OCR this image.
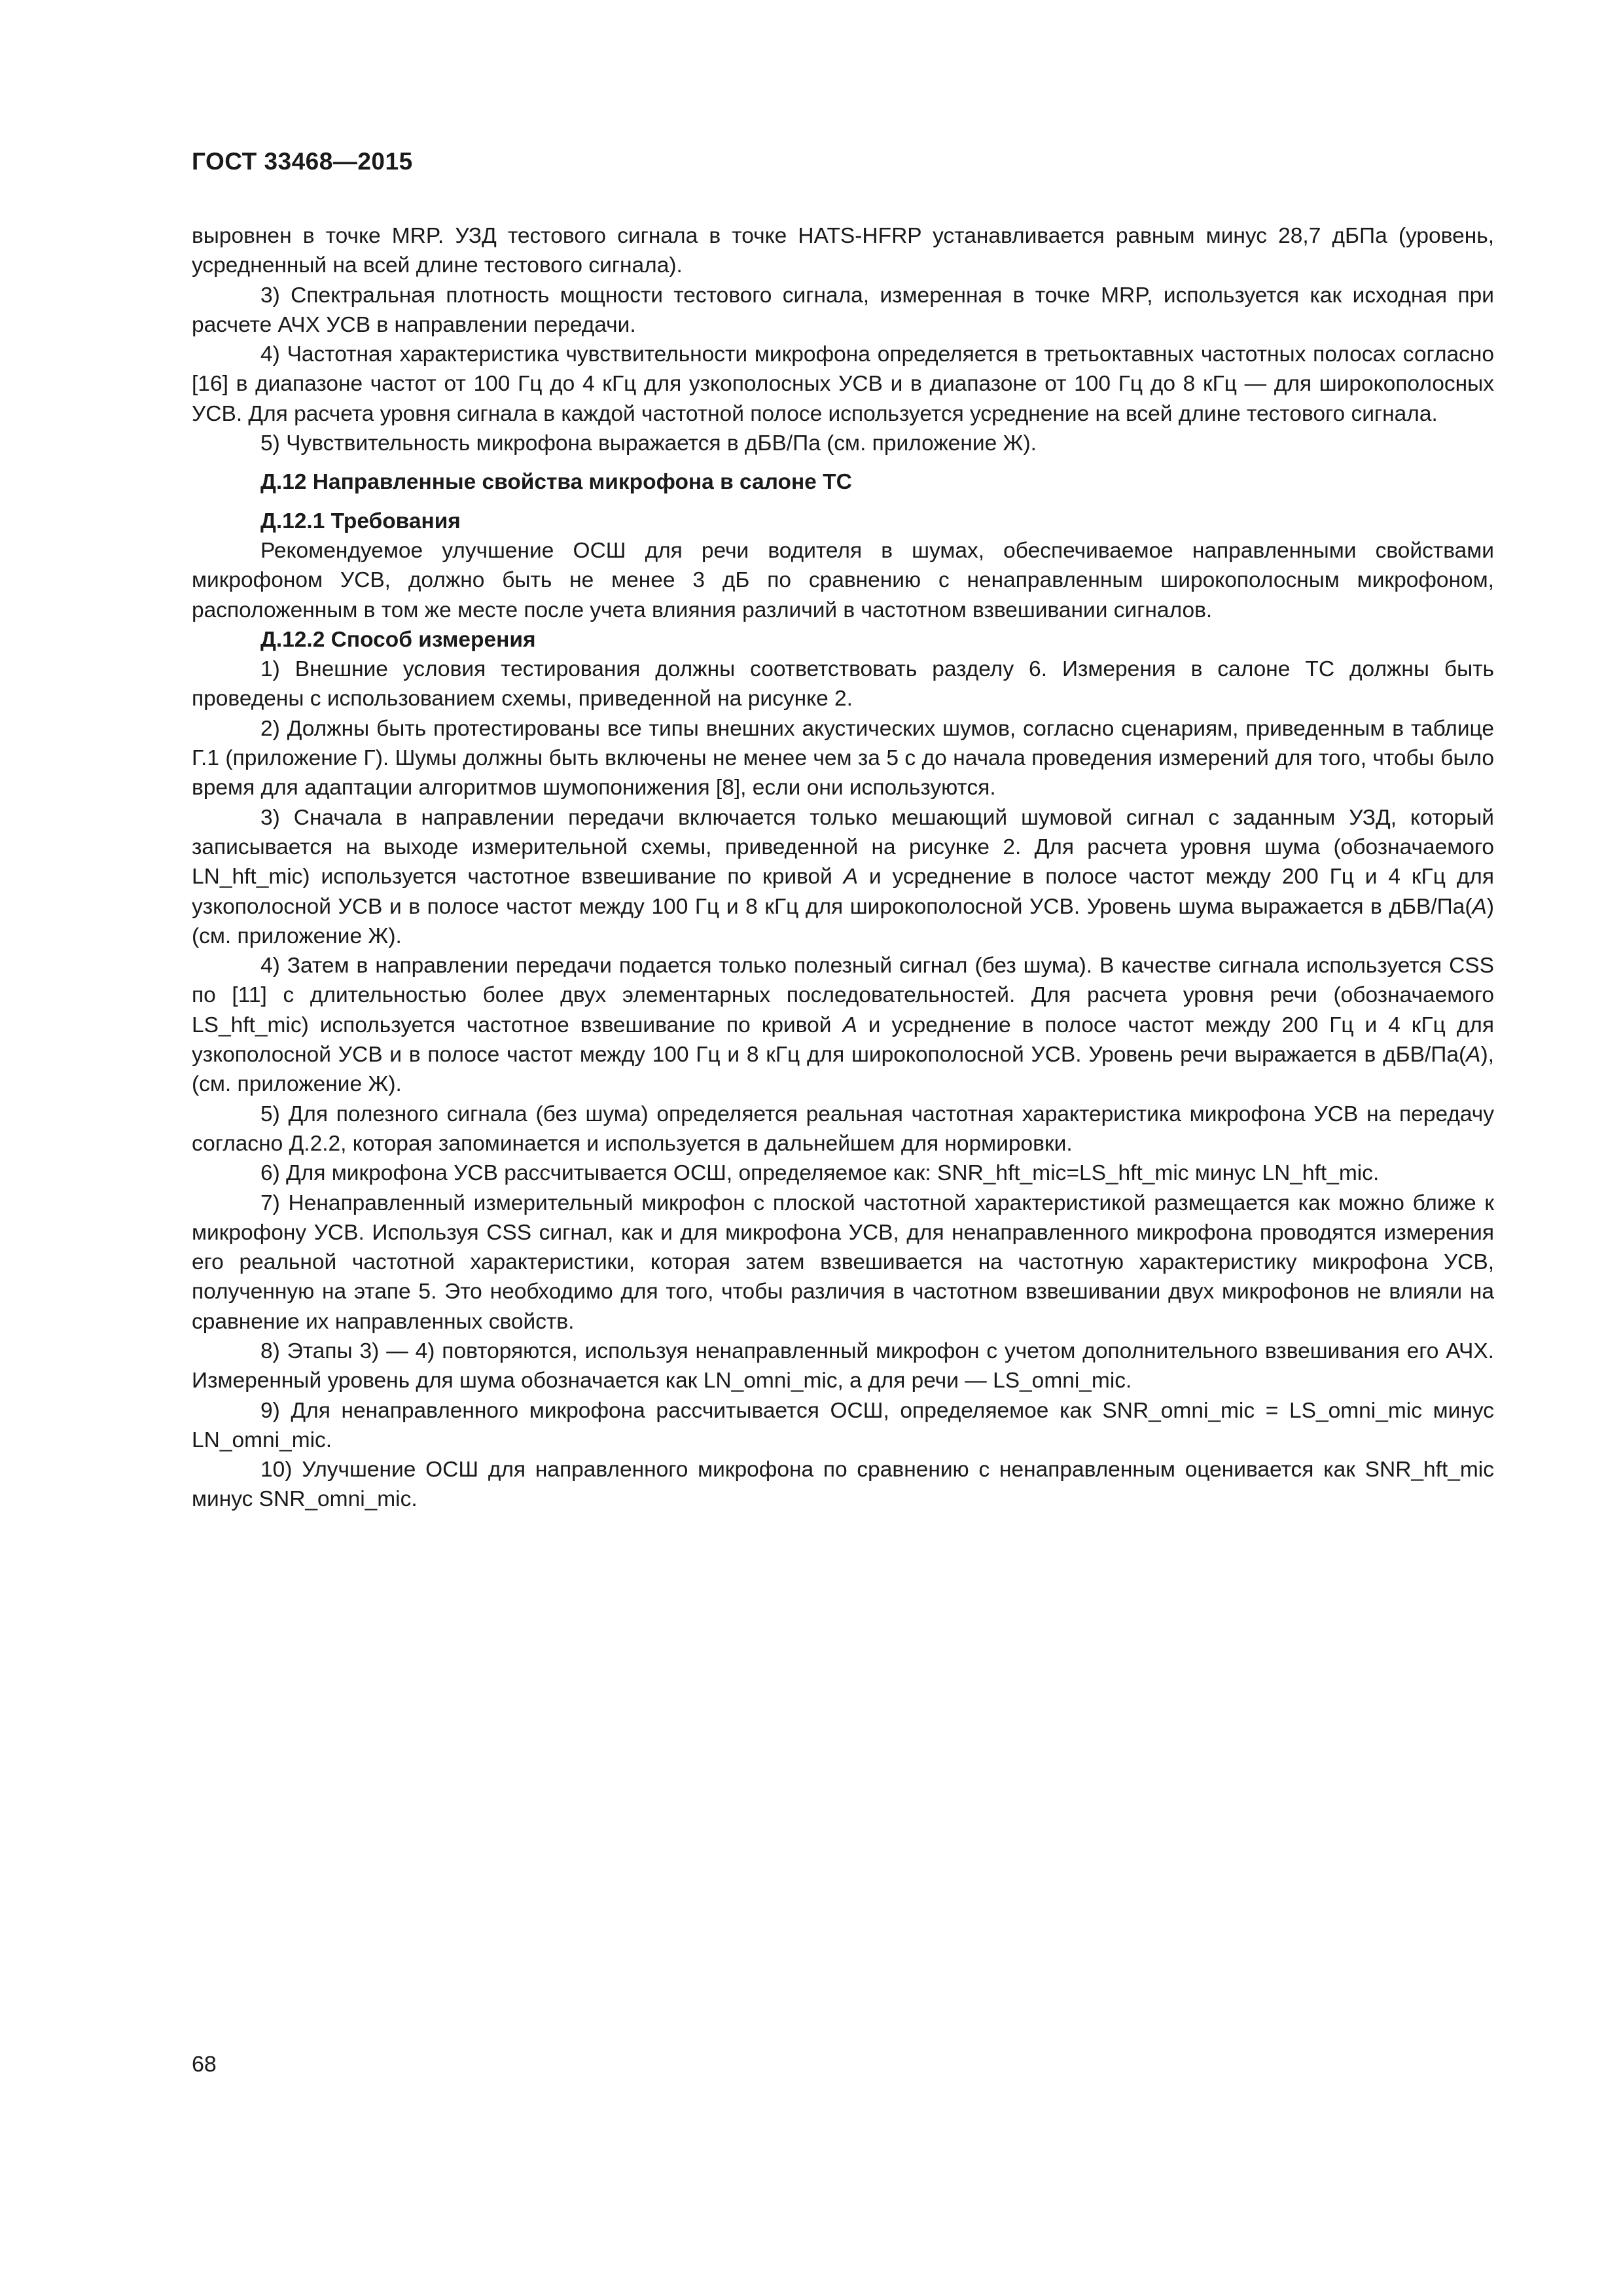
ГОСТ 33468—2015

выровнен в точке MRP. УЗД тестового сигнала в точке HATS-HFRP устанавливается равным минус 28,7 дБПа (уровень, усредненный на всей длине тестового сигнала).

3) Спектральная плотность мощности тестового сигнала, измеренная в точке MRP, используется как исходная при расчете АЧХ УСВ в направлении передачи.

4) Частотная характеристика чувствительности микрофона определяется в третьоктавных частотных полосах согласно [16] в диапазоне частот от 100 Гц до 4 кГц для узкополосных УСВ и в диапазоне от 100 Гц до 8 кГц — для широкополосных УСВ. Для расчета уровня сигнала в каждой частотной полосе используется усреднение на всей длине тестового сигнала.

5) Чувствительность микрофона выражается в дБВ/Па (см. приложение Ж).

Д.12 Направленные свойства микрофона в салоне ТС

Д.12.1 Требования

Рекомендуемое улучшение ОСШ для речи водителя в шумах, обеспечиваемое направленными свойствами микрофоном УСВ, должно быть не менее 3 дБ по сравнению с ненаправленным широкополосным микрофоном, расположенным в том же месте после учета влияния различий в частотном взвешивании сигналов.

Д.12.2 Способ измерения

1) Внешние условия тестирования должны соответствовать разделу 6. Измерения в салоне ТС должны быть проведены с использованием схемы, приведенной на рисунке 2.

2) Должны быть протестированы все типы внешних акустических шумов, согласно сценариям, приведенным в таблице Г.1 (приложение Г). Шумы должны быть включены не менее чем за 5 с до начала проведения измерений для того, чтобы было время для адаптации алгоритмов шумопонижения [8], если они используются.

3) Сначала в направлении передачи включается только мешающий шумовой сигнал с заданным УЗД, который записывается на выходе измерительной схемы, приведенной на рисунке 2. Для расчета уровня шума (обозначаемого LN_hft_mic) используется частотное взвешивание по кривой A и усреднение в полосе частот между 200 Гц и 4 кГц для узкополосной УСВ и в полосе частот между 100 Гц и 8 кГц для широкополосной УСВ. Уровень шума выражается в дБВ/Па(A) (см. приложение Ж).

4) Затем в направлении передачи подается только полезный сигнал (без шума). В качестве сигнала используется CSS по [11] с длительностью более двух элементарных последовательностей. Для расчета уровня речи (обозначаемого LS_hft_mic) используется частотное взвешивание по кривой A и усреднение в полосе частот между 200 Гц и 4 кГц для узкополосной УСВ и в полосе частот между 100 Гц и 8 кГц для широкополосной УСВ. Уровень речи выражается в дБВ/Па(A), (см. приложение Ж).

5) Для полезного сигнала (без шума) определяется реальная частотная характеристика микрофона УСВ на передачу согласно Д.2.2, которая запоминается и используется в дальнейшем для нормировки.

6) Для микрофона УСВ рассчитывается ОСШ, определяемое как: SNR_hft_mic=LS_hft_mic минус LN_hft_mic.

7) Ненаправленный измерительный микрофон с плоской частотной характеристикой размещается как можно ближе к микрофону УСВ. Используя CSS сигнал, как и для микрофона УСВ, для ненаправленного микрофона проводятся измерения его реальной частотной характеристики, которая затем взвешивается на частотную характеристику микрофона УСВ, полученную на этапе 5. Это необходимо для того, чтобы различия в частотном взвешивании двух микрофонов не влияли на сравнение их направленных свойств.

8) Этапы 3) — 4) повторяются, используя ненаправленный микрофон с учетом дополнительного взвешивания его АЧХ. Измеренный уровень для шума обозначается как LN_omni_mic, а для речи — LS_omni_mic.

9) Для ненаправленного микрофона рассчитывается ОСШ, определяемое как SNR_omni_mic = LS_omni_mic минус LN_omni_mic.

10) Улучшение ОСШ для направленного микрофона по сравнению с ненаправленным оценивается как SNR_hft_mic минус SNR_omni_mic.

68
